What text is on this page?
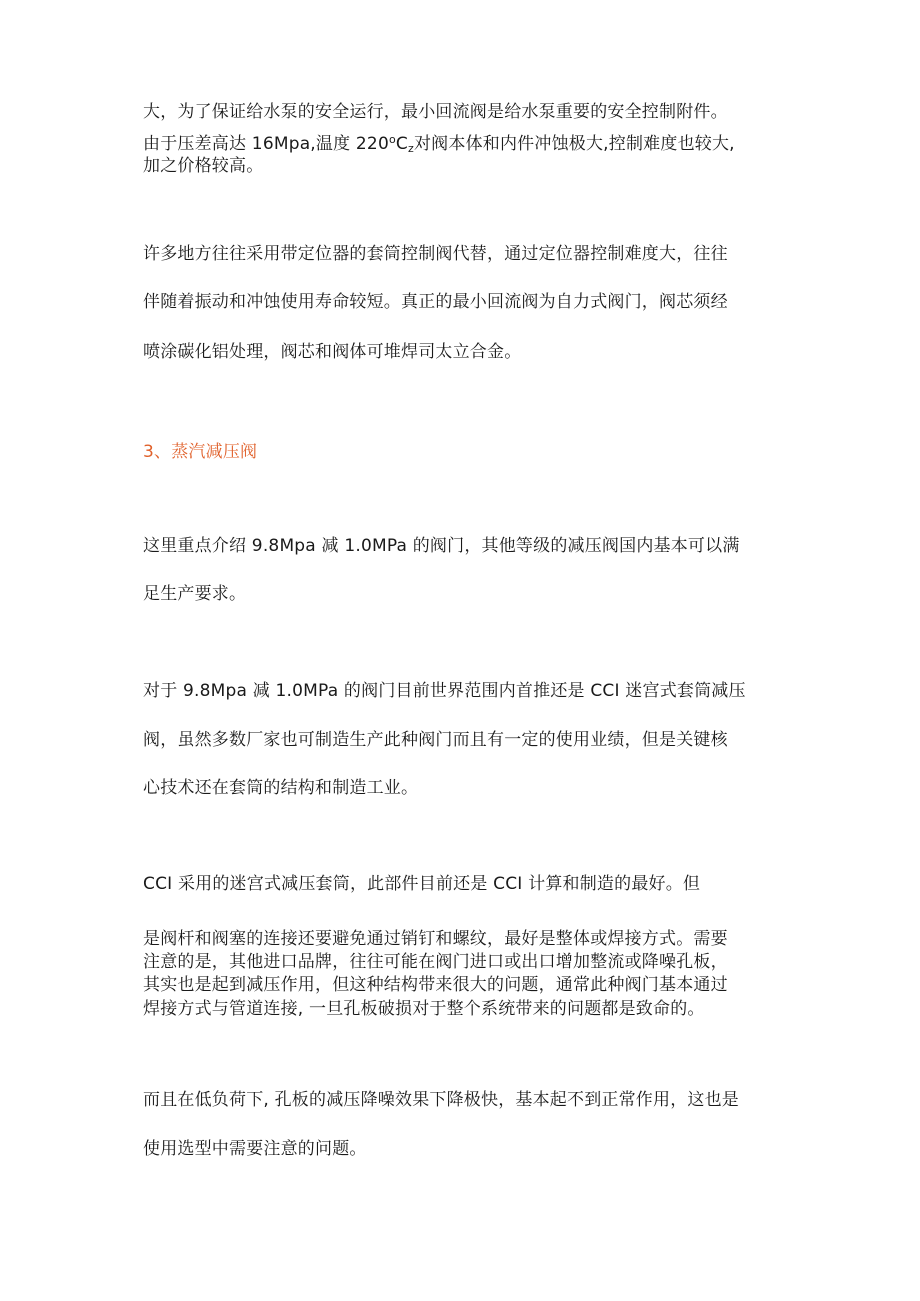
大，为了保证给水泵的安全运行，最小回流阀是给水泵重要的安全控制附件。
由于压差高达 16Mpa,温度 $220^oC_z$对阀本体和内件冲蚀极大,控制难度也较大,
加之价格较高。
许多地方往往采用带定位器的套筒控制阀代替，通过定位器控制难度大，往往
伴随着振动和冲蚀使用寿命较短。真正的最小回流阀为自力式阀门，阀芯须经
喷涂碳化铝处理，阀芯和阀体可堆焊司太立合金。
3、蒸汽减压阀
这里重点介绍 9.8Mpa 减 1.0MPa 的阀门，其他等级的减压阀国内基本可以满
足生产要求。
对于 9.8Mpa 减 1.0MPa 的阀门目前世界范围内首推还是 CCI 迷宫式套筒减压
阀，虽然多数厂家也可制造生产此种阀门而且有一定的使用业绩，但是关键核
心技术还在套筒的结构和制造工业。
CCI 采用的迷宫式减压套筒，此部件目前还是 CCI 计算和制造的最好。但
是阀杆和阀塞的连接还要避免通过销钉和螺纹，最好是整体或焊接方式。需要
注意的是，其他进口品牌，往往可能在阀门进口或出口增加整流或降噪孔板，
其实也是起到减压作用，但这种结构带来很大的问题，通常此种阀门基本通过
焊接方式与管道连接, 一旦孔板破损对于整个系统带来的问题都是致命的。
而且在低负荷下, 孔板的减压降噪效果下降极快，基本起不到正常作用，这也是
使用选型中需要注意的问题。
